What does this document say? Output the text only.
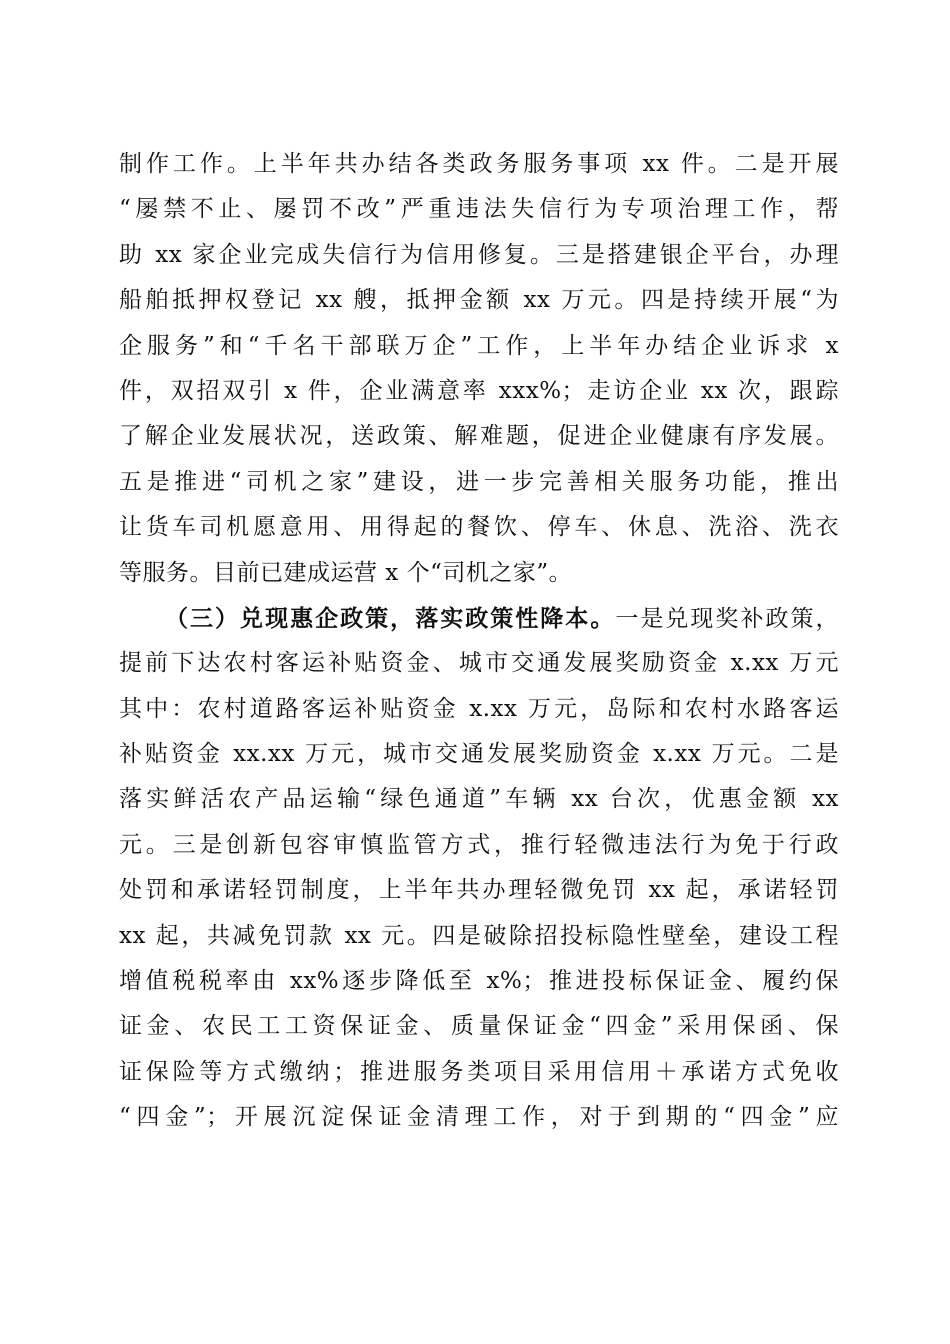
制作工作。上半年共办结各类政务服务事项 xx 件。二是开展
“屡禁不止、屡罚不改”严重违法失信行为专项治理工作，帮
助 xx 家企业完成失信行为信用修复。三是搭建银企平台，办理
船舶抵押权登记 xx 艘，抵押金额 xx 万元。四是持续开展“为
企服务”和“千名干部联万企”工作，上半年办结企业诉求 x
件，双招双引 x 件，企业满意率 xxx%；走访企业 xx 次，跟踪
了解企业发展状况，送政策、解难题，促进企业健康有序发展。
五是推进“司机之家”建设，进一步完善相关服务功能，推出
让货车司机愿意用、用得起的餐饮、停车、休息、洗浴、洗衣
等服务。目前已建成运营 x 个“司机之家”。
（三）兑现惠企政策，落实政策性降本。一是兑现奖补政策，
提前下达农村客运补贴资金、城市交通发展奖励资金 x.xx 万元
其中：农村道路客运补贴资金 x.xx 万元，岛际和农村水路客运
补贴资金 xx.xx 万元，城市交通发展奖励资金 x.xx 万元。二是
落实鲜活农产品运输“绿色通道”车辆 xx 台次，优惠金额 xx
元。三是创新包容审慎监管方式，推行轻微违法行为免于行政
处罚和承诺轻罚制度，上半年共办理轻微免罚 xx 起，承诺轻罚
xx 起，共减免罚款 xx 元。四是破除招投标隐性壁垒，建设工程
增值税税率由 xx%逐步降低至 x%；推进投标保证金、履约保
证金、农民工工资保证金、质量保证金“四金”采用保函、保
证保险等方式缴纳；推进服务类项目采用信用＋承诺方式免收
“四金”；开展沉淀保证金清理工作，对于到期的“四金”应
